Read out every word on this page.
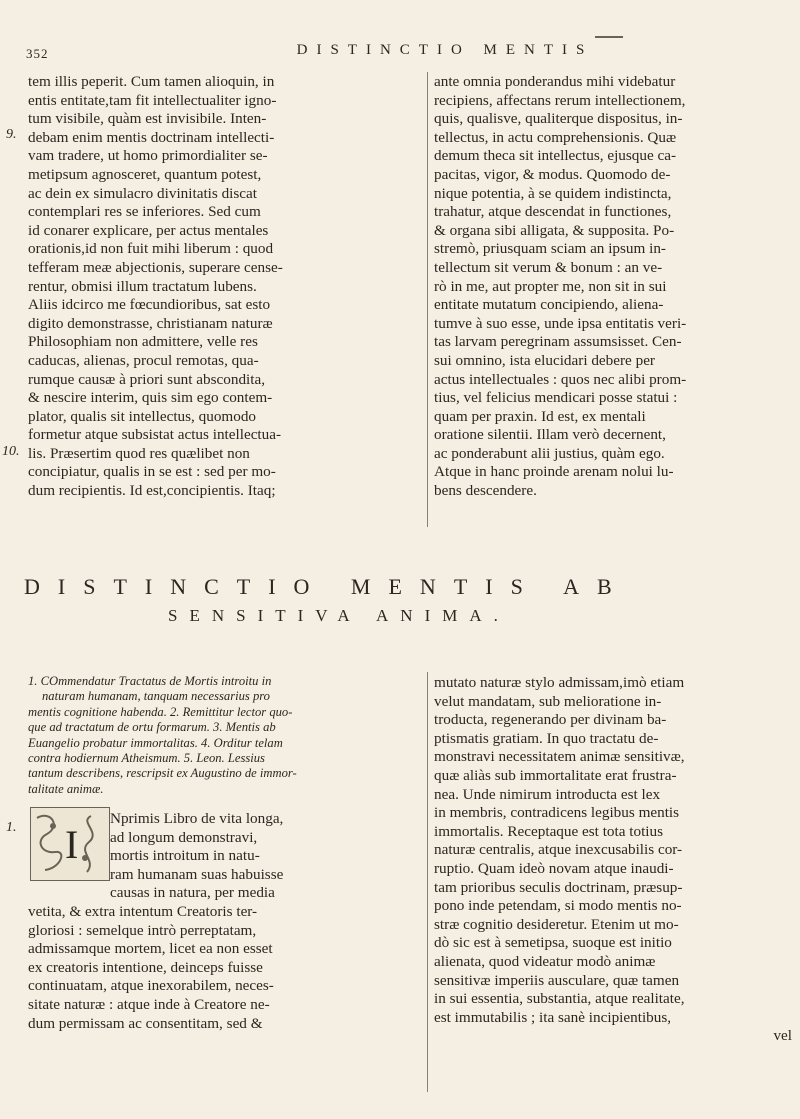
352	DISTINCTIO MENTIS
9.
10.
1.
tem illis peperit. Cum tamen alioquin, in
entis entitate,tam fit intellectualiter igno-
tum visibile, quàm est invisibile. Inten-
debam enim mentis doctrinam intellecti-
vam tradere, ut homo primordialiter se-
metipsum agnosceret, quantum potest,
ac dein ex simulacro divinitatis discat
contemplari res se inferiores. Sed cum
id conarer explicare, per actus mentales
orationis,id non fuit mihi liberum : quod
tefferam meæ abjectionis, superare cense-
rentur, obmisi illum tractatum lubens.
Aliis idcirco me fœcundioribus, sat esto
digito demonstrasse, christianam naturæ
Philosophiam non admittere, velle res
caducas, alienas, procul remotas, qua-
rumque causæ à priori sunt abscondita,
& nescire interim, quis sim ego contem-
plator, qualis sit intellectus, quomodo
formetur atque subsistat actus intellectua-
lis. Præsertim quod res quælibet non
concipiatur, qualis in se est : sed per mo-
dum recipientis. Id est,concipientis. Itaq;
ante omnia ponderandus mihi videbatur
recipiens, affectans rerum intellectionem,
quis, qualisve, qualiterque dispositus, in-
tellectus, in actu comprehensionis. Quæ
demum theca sit intellectus, ejusque ca-
pacitas, vigor, & modus. Quomodo de-
nique potentia, à se quidem indistincta,
trahatur, atque descendat in functiones,
& organa sibi alligata, & supposita. Po-
stremò, priusquam sciam an ipsum in-
tellectum sit verum & bonum : an ve-
rò in me, aut propter me, non sit in sui
entitate mutatum concipiendo, aliena-
tumve à suo esse, unde ipsa entitatis veri-
tas larvam peregrinam assumsisset. Cen-
sui omnino, ista elucidari debere per
actus intellectuales : quos nec alibi prom-
tius, vel felicius mendicari posse statui :
quam per praxin. Id est, ex mentali
oratione silentii. Illam verò decernent,
ac ponderabunt alii justius, quàm ego.
Atque in hanc proinde arenam nolui lu-
bens descendere.
DISTINCTIO MENTIS AB
SENSITIVA ANIMA.
1. COmmendatur Tractatus de Mortis introitu in
naturam humanam, tanquam necessarius pro
mentis cognitione habenda. 2. Remittitur lector quo-
que ad tractatum de ortu formarum. 3. Mentis ab
Euangelio probatur immortalitas. 4. Orditur telam
contra hodiernum Atheismum. 5. Leon. Lessius
tantum describens, rescripsit ex Augustino de immor-
talitate animæ.
I
Nprimis Libro de vita longa,
ad longum demonstravi,
mortis introitum in natu-
ram humanam suas habuisse
causas in natura, per media
vetita, & extra intentum Creatoris ter-
gloriosi : semelque intrò perreptatam,
admissamque mortem, licet ea non esset
ex creatoris intentione, deinceps fuisse
continuatam, atque inexorabilem, neces-
sitate naturæ : atque inde à Creatore ne-
dum permissam ac consentitam, sed &
mutato naturæ stylo admissam,imò etiam
velut mandatam, sub melioratione in-
troducta, regenerando per divinam ba-
ptismatis gratiam. In quo tractatu de-
monstravi necessitatem animæ sensitivæ,
quæ aliàs sub immortalitate erat frustra-
nea. Unde nimirum introducta est lex
in membris, contradicens legibus mentis
immortalis. Receptaque est tota totius
naturæ centralis, atque inexcusabilis cor-
ruptio. Quam ideò novam atque inaudi-
tam prioribus seculis doctrinam, præsup-
pono inde petendam, si modo mentis no-
stræ cognitio desideretur. Etenim ut mo-
dò sic est à semetipsa, suoque est initio
alienata, quod videatur modò animæ
sensitivæ imperiis ausculare, quæ tamen
in sui essentia, substantia, atque realitate,
est immutabilis ; ita sanè incipientibus,
vel
